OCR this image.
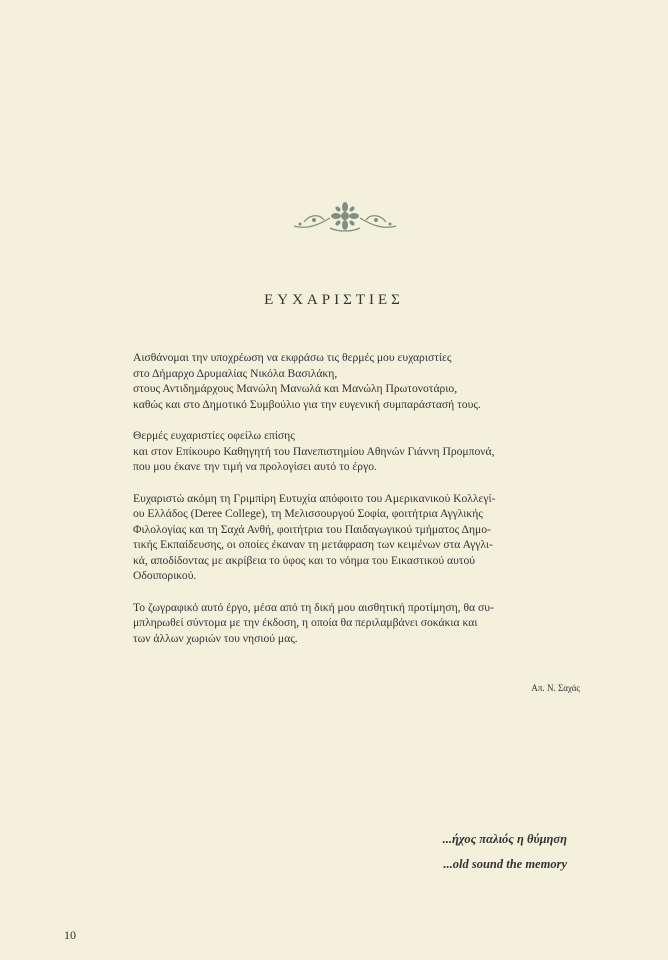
ΕΥΧΑΡΙΣΤΙΕΣ

Αισθάνομαι την υποχρέωση να εκφράσω τις θερμές μου ευχαριστίες
στο Δήμαρχο Δρυμαλίας Νικόλα Βασιλάκη,
στους Αντιδημάρχους Μανώλη Μανωλά και Μανώλη Πρωτονοτάριο,
καθώς και στο Δημοτικό Συμβούλιο για την ευγενική συμπαράστασή τους.

Θερμές ευχαριστίες οφείλω επίσης
και στον Επίκουρο Καθηγητή του Πανεπιστημίου Αθηνών Γιάννη Προμπονά,
που μου έκανε την τιμή να προλογίσει αυτό το έργο.

Ευχαριστώ ακόμη τη Γριμπίρη Ευτυχία απόφοιτο του Αμερικανικού Κολλεγί-
ου Ελλάδος (Deree College), τη Μελισσουργού Σοφία, φοιτήτρια Αγγλικής
Φιλολογίας και τη Σαχά Ανθή, φοιτήτρια του Παιδαγωγικού τμήματος Δημο-
τικής Εκπαίδευσης, οι οποίες έκαναν τη μετάφραση των κειμένων στα Αγγλι-
κά, αποδίδοντας με ακρίβεια το ύφος και το νόημα του Εικαστικού αυτού
Οδοιπορικού.

Το ζωγραφικό αυτό έργο, μέσα από τη δική μου αισθητική προτίμηση, θα συ-
μπληρωθεί σύντομα με την έκδοση, η οποία θα περιλαμβάνει σοκάκια και
των άλλων χωριών του νησιού μας.

Απ. Ν. Σαχάς
...ήχος παλιός η θύμηση
...old sound the memory
10
